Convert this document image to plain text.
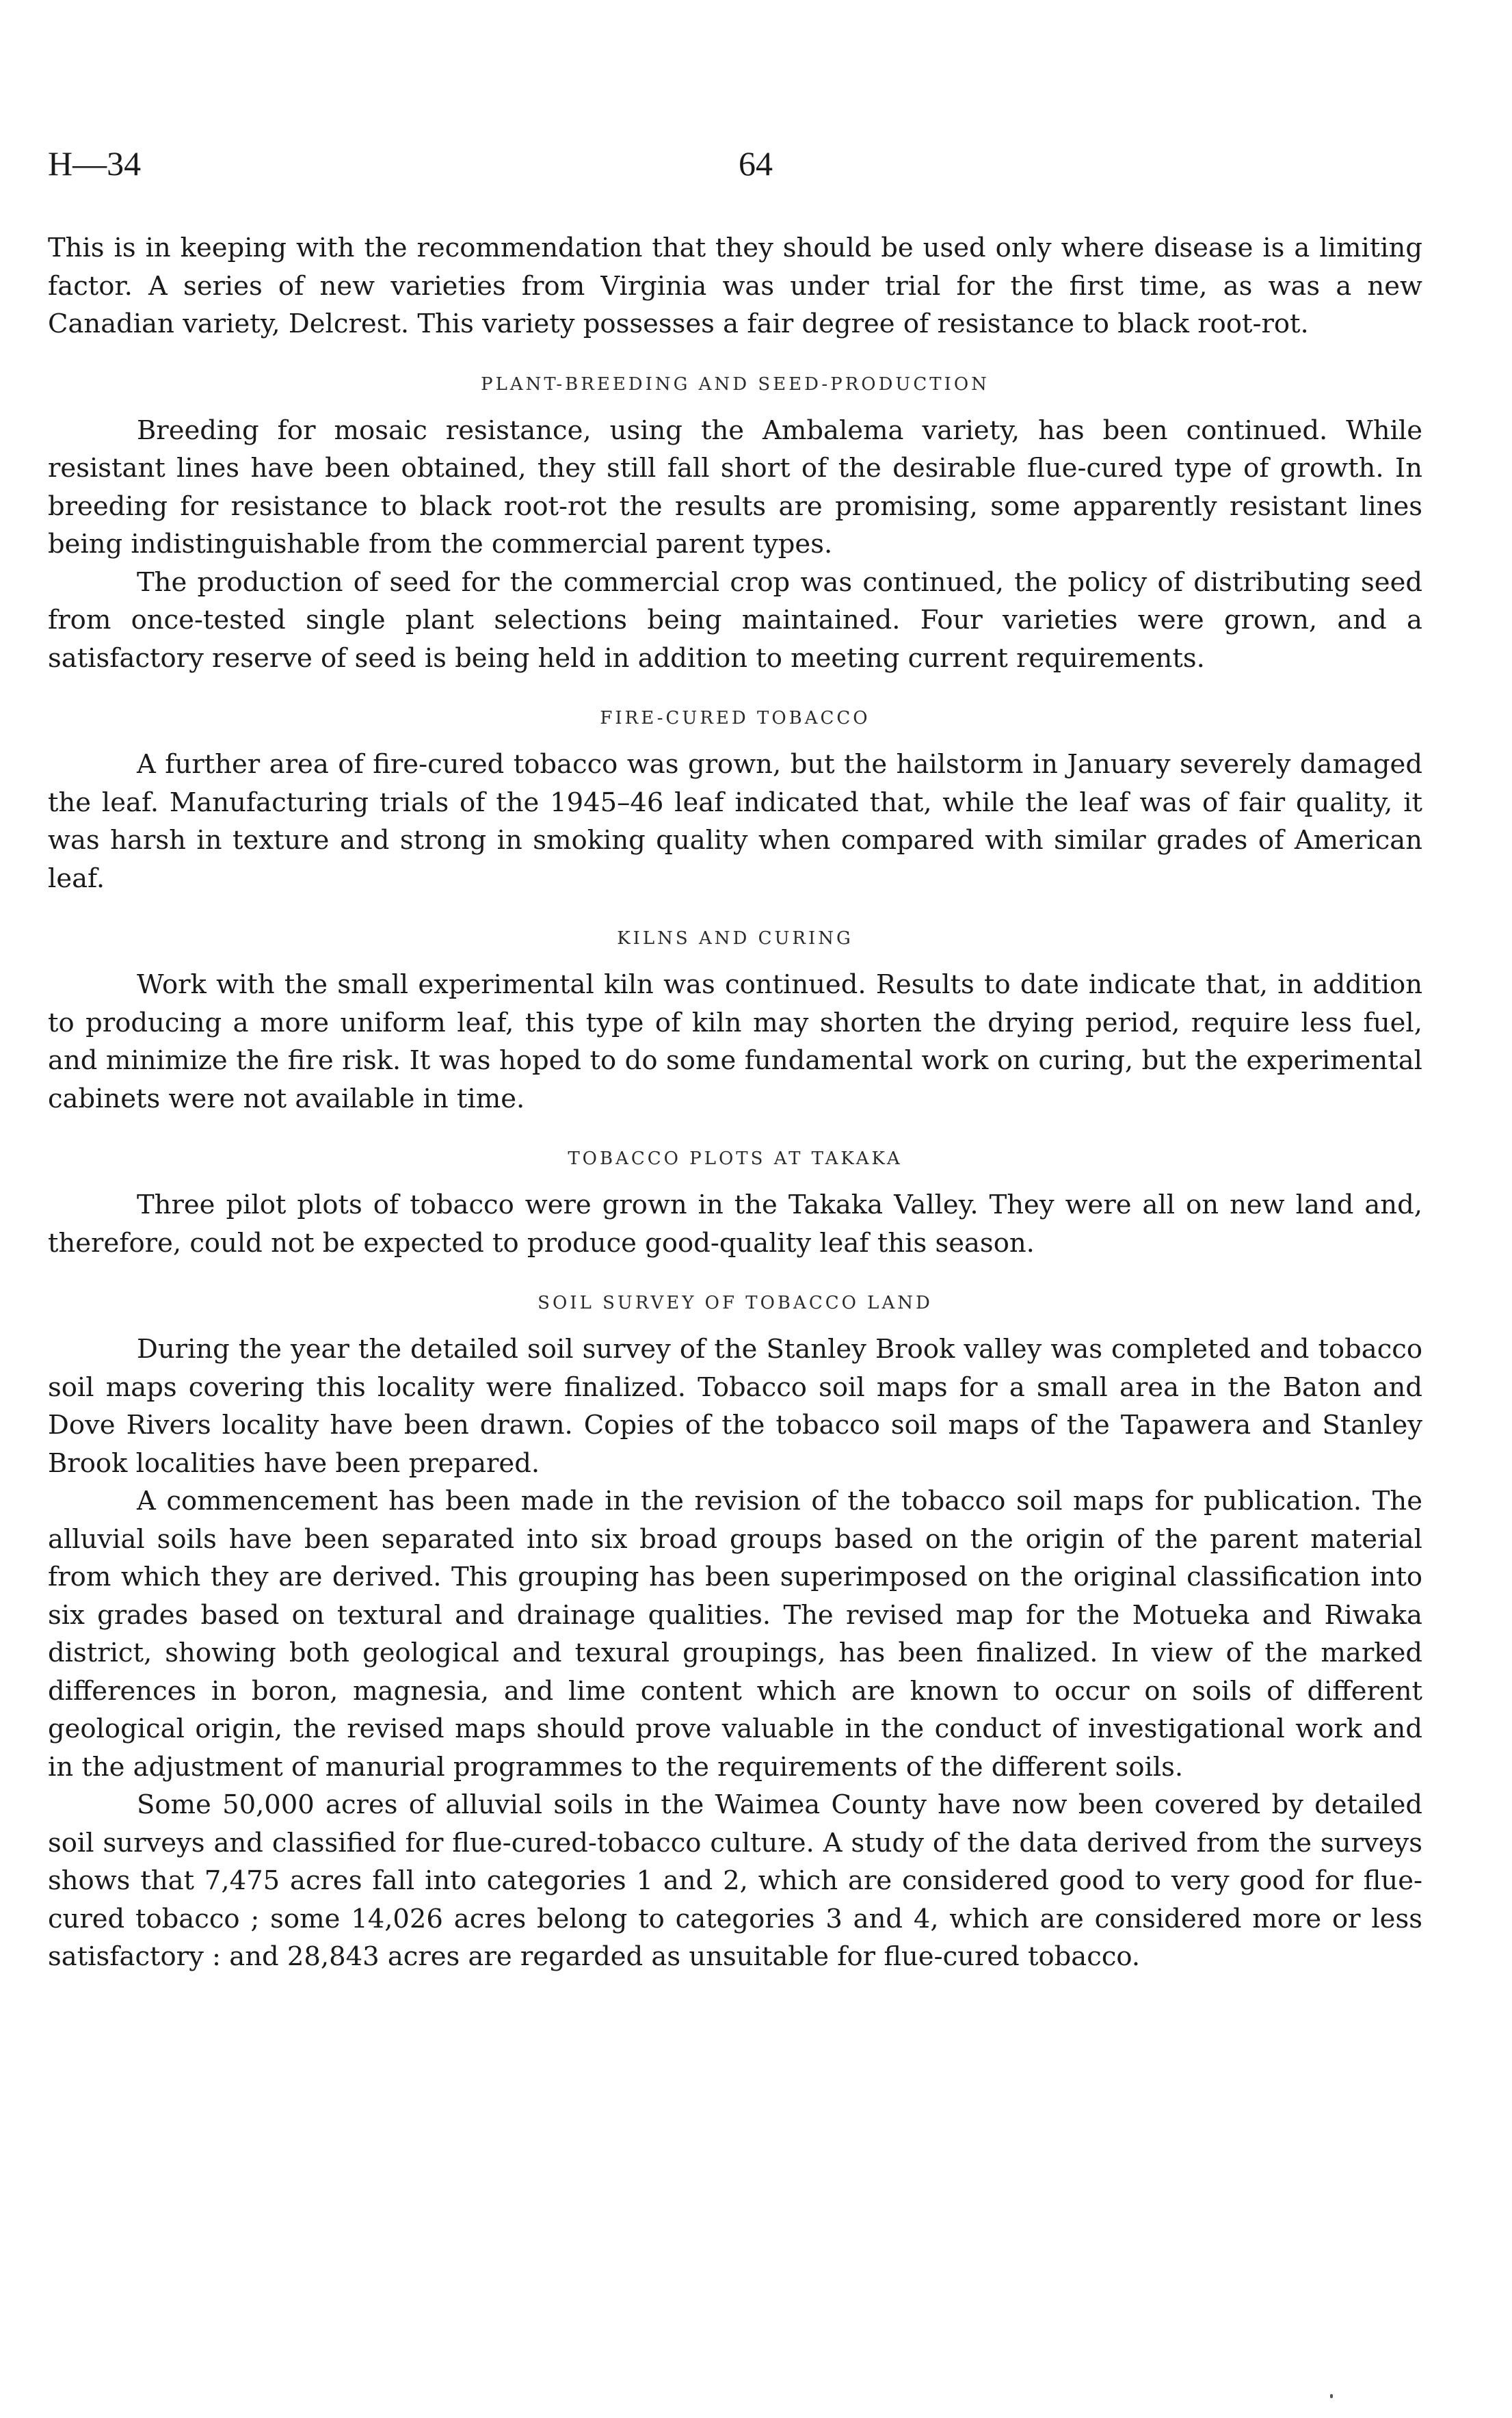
H—34	64

This is in keeping with the recommendation that they should be used only where disease is a limiting factor. A series of new varieties from Virginia was under trial for the first time, as was a new Canadian variety, Delcrest. This variety possesses a fair degree of resistance to black root-rot.

PLANT-BREEDING AND SEED-PRODUCTION

Breeding for mosaic resistance, using the Ambalema variety, has been continued. While resistant lines have been obtained, they still fall short of the desirable flue-cured type of growth. In breeding for resistance to black root-rot the results are promising, some apparently resistant lines being indistinguishable from the commercial parent types.

The production of seed for the commercial crop was continued, the policy of distributing seed from once-tested single plant selections being maintained. Four varieties were grown, and a satisfactory reserve of seed is being held in addition to meeting current requirements.

FIRE-CURED TOBACCO

A further area of fire-cured tobacco was grown, but the hailstorm in January severely damaged the leaf. Manufacturing trials of the 1945–46 leaf indicated that, while the leaf was of fair quality, it was harsh in texture and strong in smoking quality when compared with similar grades of American leaf.

KILNS AND CURING

Work with the small experimental kiln was continued. Results to date indicate that, in addition to producing a more uniform leaf, this type of kiln may shorten the drying period, require less fuel, and minimize the fire risk. It was hoped to do some fundamental work on curing, but the experimental cabinets were not available in time.

TOBACCO PLOTS AT TAKAKA

Three pilot plots of tobacco were grown in the Takaka Valley. They were all on new land and, therefore, could not be expected to produce good-quality leaf this season.

SOIL SURVEY OF TOBACCO LAND

During the year the detailed soil survey of the Stanley Brook valley was completed and tobacco soil maps covering this locality were finalized. Tobacco soil maps for a small area in the Baton and Dove Rivers locality have been drawn. Copies of the tobacco soil maps of the Tapawera and Stanley Brook localities have been prepared.

A commencement has been made in the revision of the tobacco soil maps for publication. The alluvial soils have been separated into six broad groups based on the origin of the parent material from which they are derived. This grouping has been superimposed on the original classification into six grades based on textural and drainage qualities. The revised map for the Motueka and Riwaka district, showing both geological and texural groupings, has been finalized. In view of the marked differences in boron, magnesia, and lime content which are known to occur on soils of different geological origin, the revised maps should prove valuable in the conduct of investigational work and in the adjustment of manurial programmes to the requirements of the different soils.

Some 50,000 acres of alluvial soils in the Waimea County have now been covered by detailed soil surveys and classified for flue-cured-tobacco culture. A study of the data derived from the surveys shows that 7,475 acres fall into categories 1 and 2, which are considered good to very good for flue-cured tobacco ; some 14,026 acres belong to categories 3 and 4, which are considered more or less satisfactory : and 28,843 acres are regarded as unsuitable for flue-cured tobacco.
